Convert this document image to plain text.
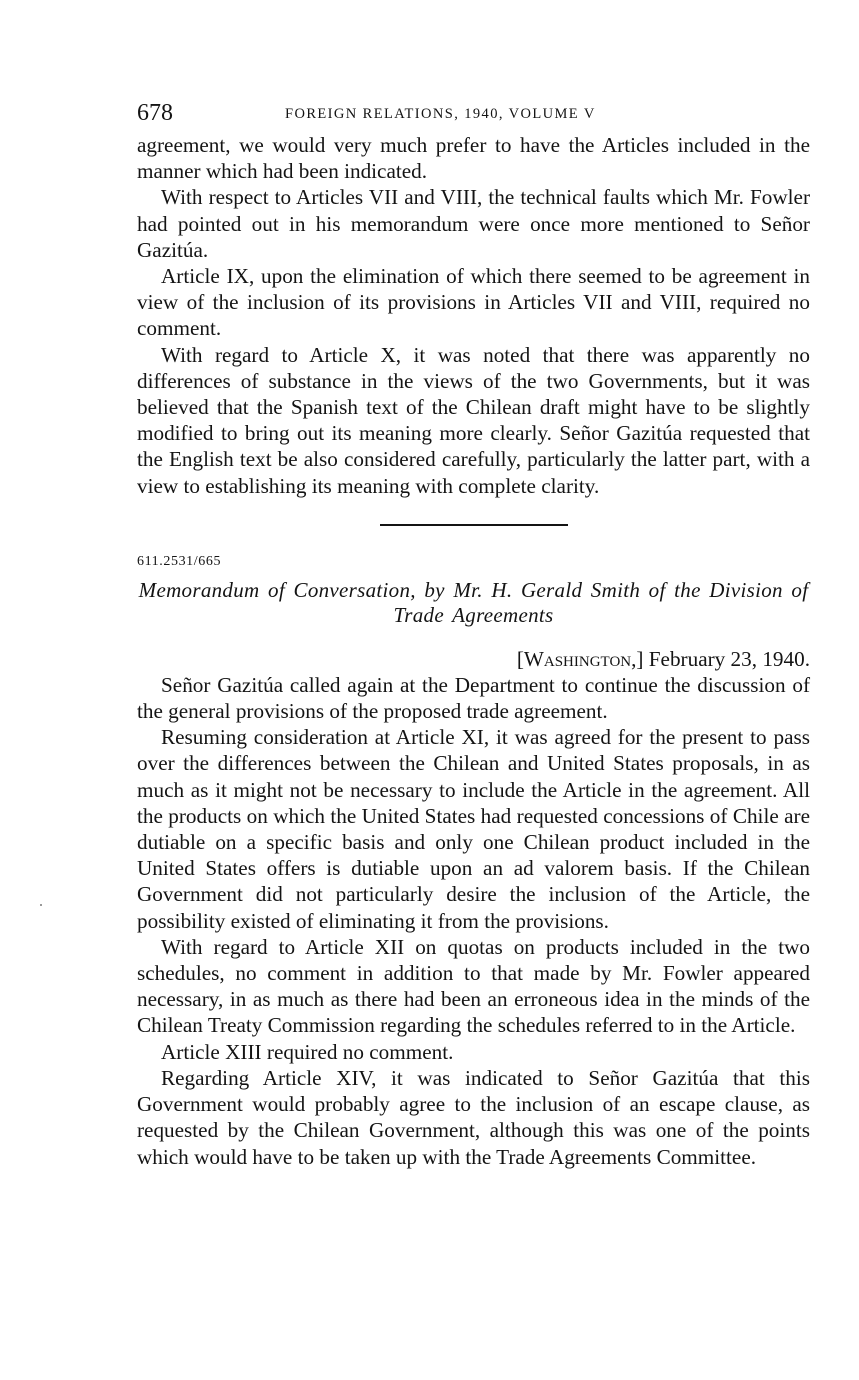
678	FOREIGN RELATIONS, 1940, VOLUME V

agreement, we would very much prefer to have the Articles included in the manner which had been indicated.

With respect to Articles VII and VIII, the technical faults which Mr. Fowler had pointed out in his memorandum were once more mentioned to Señor Gazitúa.

Article IX, upon the elimination of which there seemed to be agreement in view of the inclusion of its provisions in Articles VII and VIII, required no comment.

With regard to Article X, it was noted that there was apparently no differences of substance in the views of the two Governments, but it was believed that the Spanish text of the Chilean draft might have to be slightly modified to bring out its meaning more clearly. Señor Gazitúa requested that the English text be also considered carefully, particularly the latter part, with a view to establishing its meaning with complete clarity.

611.2531/665
Memorandum of Conversation, by Mr. H. Gerald Smith of the Division of Trade Agreements
[Washington,] February 23, 1940.

Señor Gazitúa called again at the Department to continue the discussion of the general provisions of the proposed trade agreement.

Resuming consideration at Article XI, it was agreed for the present to pass over the differences between the Chilean and United States proposals, in as much as it might not be necessary to include the Article in the agreement. All the products on which the United States had requested concessions of Chile are dutiable on a specific basis and only one Chilean product included in the United States offers is dutiable upon an ad valorem basis. If the Chilean Government did not particularly desire the inclusion of the Article, the possibility existed of eliminating it from the provisions.

With regard to Article XII on quotas on products included in the two schedules, no comment in addition to that made by Mr. Fowler appeared necessary, in as much as there had been an erroneous idea in the minds of the Chilean Treaty Commission regarding the schedules referred to in the Article.

Article XIII required no comment.

Regarding Article XIV, it was indicated to Señor Gazitúa that this Government would probably agree to the inclusion of an escape clause, as requested by the Chilean Government, although this was one of the points which would have to be taken up with the Trade Agreements Committee.
